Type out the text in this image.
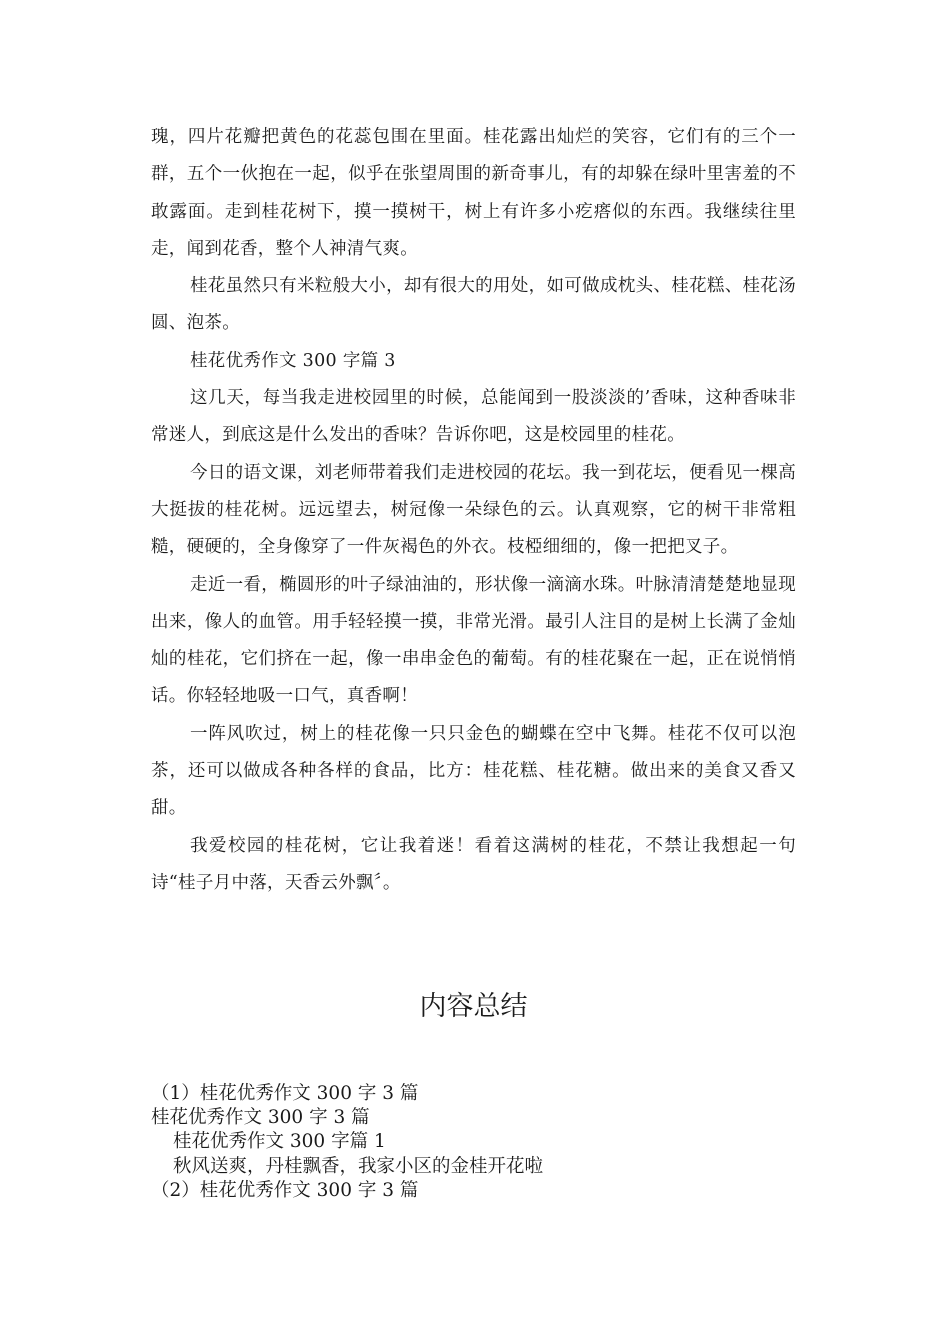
瑰，四片花瓣把黄色的花蕊包围在里面。桂花露出灿烂的笑容，它们有的三个一群，五个一伙抱在一起，似乎在张望周围的新奇事儿，有的却躲在绿叶里害羞的不敢露面。走到桂花树下，摸一摸树干，树上有许多小疙瘩似的东西。我继续往里走，闻到花香，整个人神清气爽。

桂花虽然只有米粒般大小，却有很大的用处，如可做成枕头、桂花糕、桂花汤圆、泡茶。

桂花优秀作文 300 字篇 3

这几天，每当我走进校园里的时候，总能闻到一股淡淡的’香味，这种香味非常迷人，到底这是什么发出的香味？告诉你吧，这是校园里的桂花。

今日的语文课，刘老师带着我们走进校园的花坛。我一到花坛，便看见一棵高大挺拔的桂花树。远远望去，树冠像一朵绿色的云。认真观察，它的树干非常粗糙，硬硬的，全身像穿了一件灰褐色的外衣。枝椏细细的，像一把把叉子。

走近一看，椭圆形的叶子绿油油的，形状像一滴滴水珠。叶脉清清楚楚地显现出来，像人的血管。用手轻轻摸一摸，非常光滑。最引人注目的是树上长满了金灿灿的桂花，它们挤在一起，像一串串金色的葡萄。有的桂花聚在一起，正在说悄悄话。你轻轻地吸一口气，真香啊！

一阵风吹过，树上的桂花像一只只金色的蝴蝶在空中飞舞。桂花不仅可以泡茶，还可以做成各种各样的食品，比方：桂花糕、桂花糖。做出来的美食又香又甜。

我爱校园的桂花树，它让我着迷！看着这满树的桂花，不禁让我想起一句诗“桂子月中落，天香云外飘〞。

内容总结

（1）桂花优秀作文 300 字 3 篇

桂花优秀作文 300 字 3 篇

桂花优秀作文 300 字篇 1

秋风送爽，丹桂飘香，我家小区的金桂开花啦

（2）桂花优秀作文 300 字 3 篇
